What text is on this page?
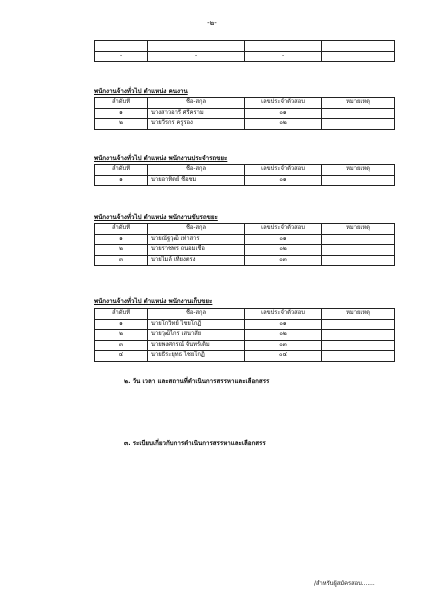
-๒-

-	-	-	
พนักงานจ้างทั่วไป ตำแหน่ง คนงาน
ลำดับที่	ชื่อ-สกุล	เลขประจำตัวสอบ	หมายเหตุ
๑	นางสาวอารี ศรีคราม	๐๑	
๒	นายวีรกร ครูรอง	๐๒	
พนักงานจ้างทั่วไป ตำแหน่ง พนักงานประจำรถขยะ
ลำดับที่	ชื่อ-สกุล	เลขประจำตัวสอบ	หมายเหตุ
๑	นายอาทิตย์ ชื่อชม	๐๑	
พนักงานจ้างทั่วไป ตำแหน่ง พนักงานขับรถขยะ
ลำดับที่	ชื่อ-สกุล	เลขประจำตัวสอบ	หมายเหตุ
๑	นายณัฐวุฒิ เท่าสาร	๐๑	
๒	นายราชพร ถนอมเชื้อ	๐๒	
๓	นายไมล์ เที่ยงตรง	๐๓	
พนักงานจ้างทั่วไป ตำแหน่ง พนักงานเก็บขยะ
ลำดับที่	ชื่อ-สกุล	เลขประจำตัวสอบ	หมายเหตุ
๑	นายโกวิทย์ ไชยโกฏิ	๐๑	
๒	นายวุฒิไกร เสนาสัย	๐๒	
๓	นายพงศกรณ์ จันทร์เติม	๐๓	
๔	นายธีระยุทธ ไชยโกฏิ	๐๔	
๒. วัน เวลา และสถานที่ดำเนินการสรรหาและเลือกสรร
๓. ระเบียบเกี่ยวกับการดำเนินการสรรหาและเลือกสรร
/สำหรับผู้สมัครสอบ.......
